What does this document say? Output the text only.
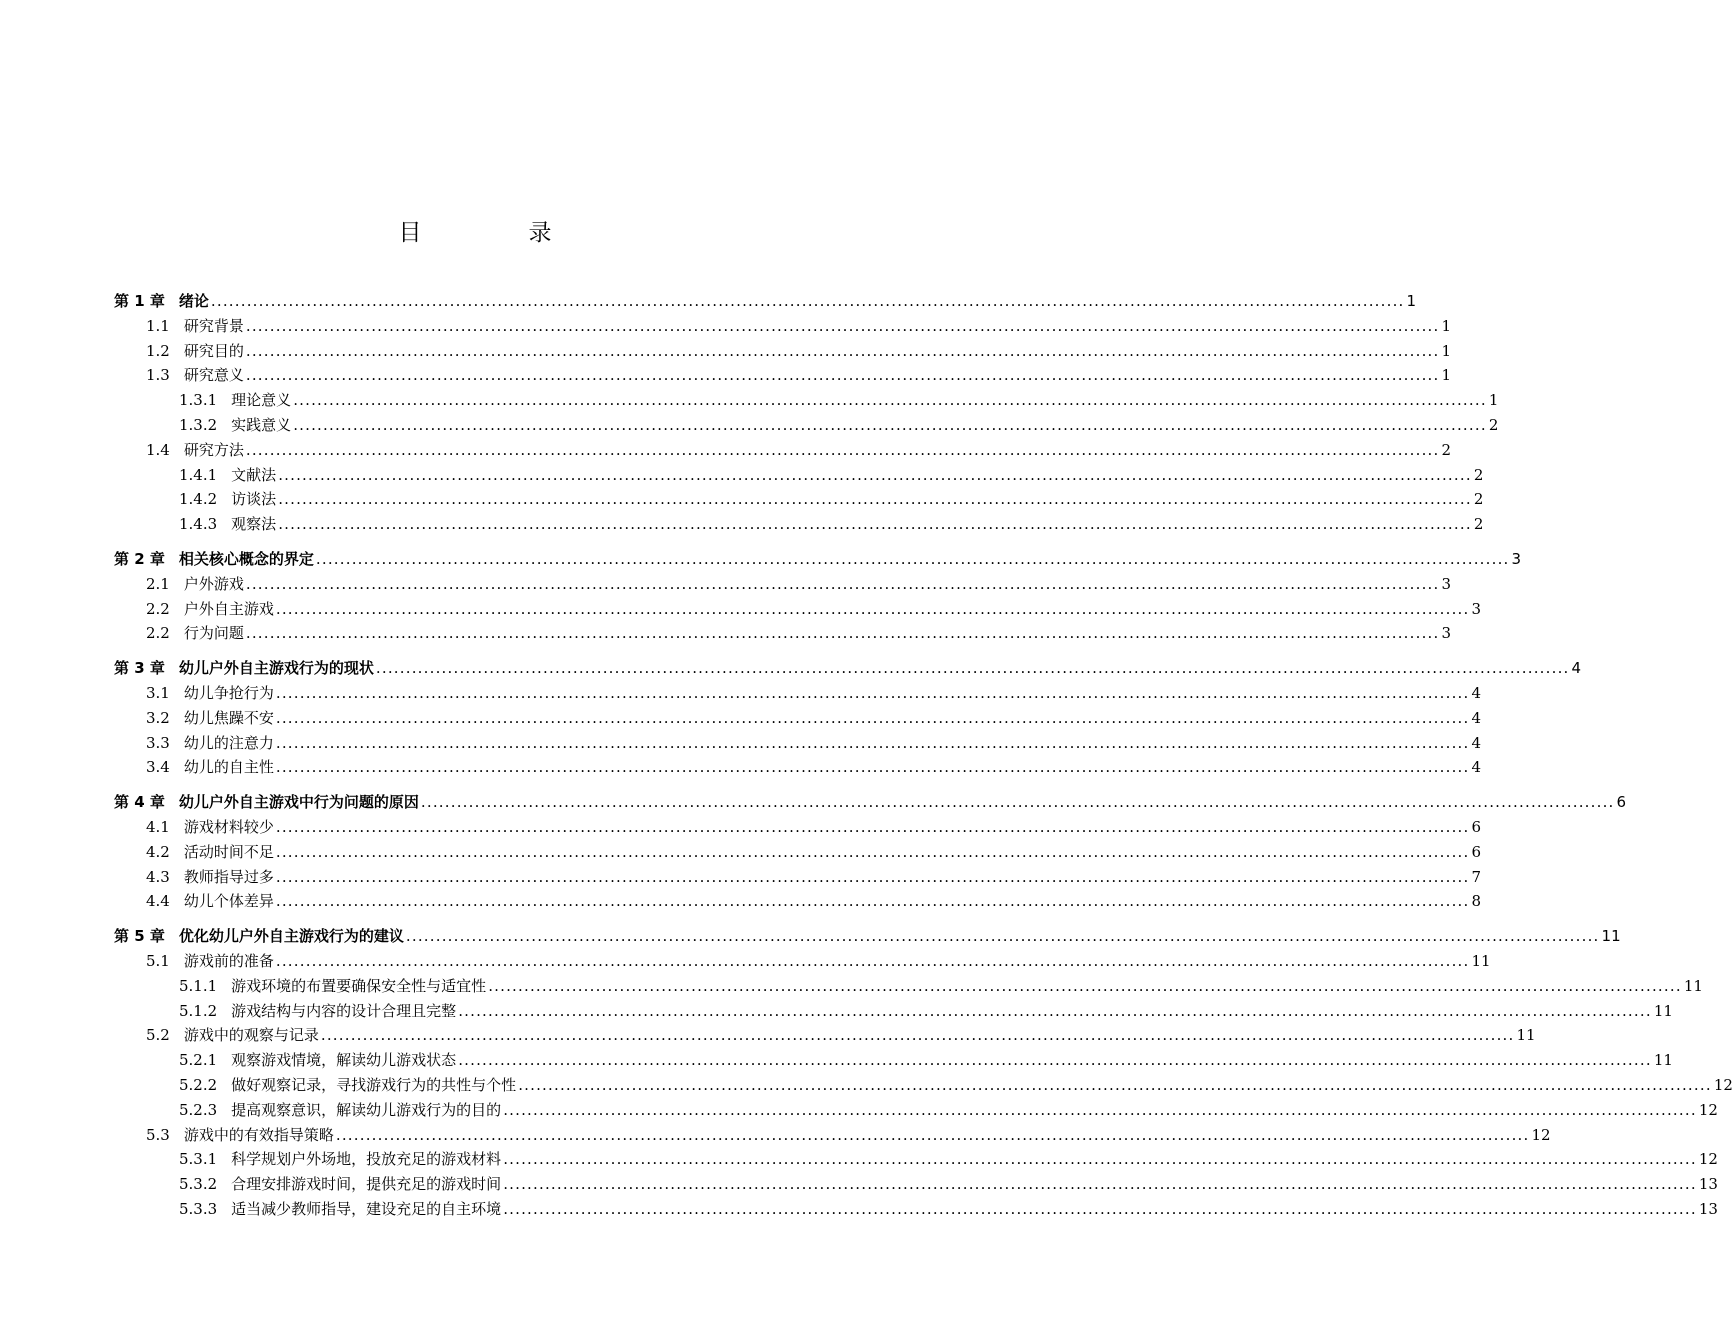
目　录
第 1 章 绪论 ........................................................................................................................................................................................................ 1
1.1 研究背景 ........................................................................................................................................................................................................ 1
1.2 研究目的 ........................................................................................................................................................................................................ 1
1.3 研究意义 ........................................................................................................................................................................................................ 1
1.3.1 理论意义 ........................................................................................................................................................................................................ 1
1.3.2 实践意义 ........................................................................................................................................................................................................ 2
1.4 研究方法 ........................................................................................................................................................................................................ 2
1.4.1 文献法 ........................................................................................................................................................................................................ 2
1.4.2 访谈法 ........................................................................................................................................................................................................ 2
1.4.3 观察法 ........................................................................................................................................................................................................ 2
第 2 章 相关核心概念的界定 ........................................................................................................................................................................................................ 3
2.1 户外游戏 ........................................................................................................................................................................................................ 3
2.2 户外自主游戏 ........................................................................................................................................................................................................ 3
2.2 行为问题 ........................................................................................................................................................................................................ 3
第 3 章 幼儿户外自主游戏行为的现状 ........................................................................................................................................................................................................ 4
3.1 幼儿争抢行为 ........................................................................................................................................................................................................ 4
3.2 幼儿焦躁不安 ........................................................................................................................................................................................................ 4
3.3 幼儿的注意力 ........................................................................................................................................................................................................ 4
3.4 幼儿的自主性 ........................................................................................................................................................................................................ 4
第 4 章 幼儿户外自主游戏中行为问题的原因 ........................................................................................................................................................................................................ 6
4.1 游戏材料较少 ........................................................................................................................................................................................................ 6
4.2 活动时间不足 ........................................................................................................................................................................................................ 6
4.3 教师指导过多 ........................................................................................................................................................................................................ 7
4.4 幼儿个体差异 ........................................................................................................................................................................................................ 8
第 5 章 优化幼儿户外自主游戏行为的建议 ........................................................................................................................................................................................................ 11
5.1 游戏前的准备 ........................................................................................................................................................................................................ 11
5.1.1 游戏环境的布置要确保安全性与适宜性 ........................................................................................................................................................................................................ 11
5.1.2 游戏结构与内容的设计合理且完整 ........................................................................................................................................................................................................ 11
5.2 游戏中的观察与记录 ........................................................................................................................................................................................................ 11
5.2.1 观察游戏情境，解读幼儿游戏状态 ........................................................................................................................................................................................................ 11
5.2.2 做好观察记录，寻找游戏行为的共性与个性 ........................................................................................................................................................................................................ 12
5.2.3 提高观察意识，解读幼儿游戏行为的目的 ........................................................................................................................................................................................................ 12
5.3 游戏中的有效指导策略 ........................................................................................................................................................................................................ 12
5.3.1 科学规划户外场地，投放充足的游戏材料 ........................................................................................................................................................................................................ 12
5.3.2 合理安排游戏时间，提供充足的游戏时间 ........................................................................................................................................................................................................ 13
5.3.3 适当减少教师指导，建设充足的自主环境 ........................................................................................................................................................................................................ 13
